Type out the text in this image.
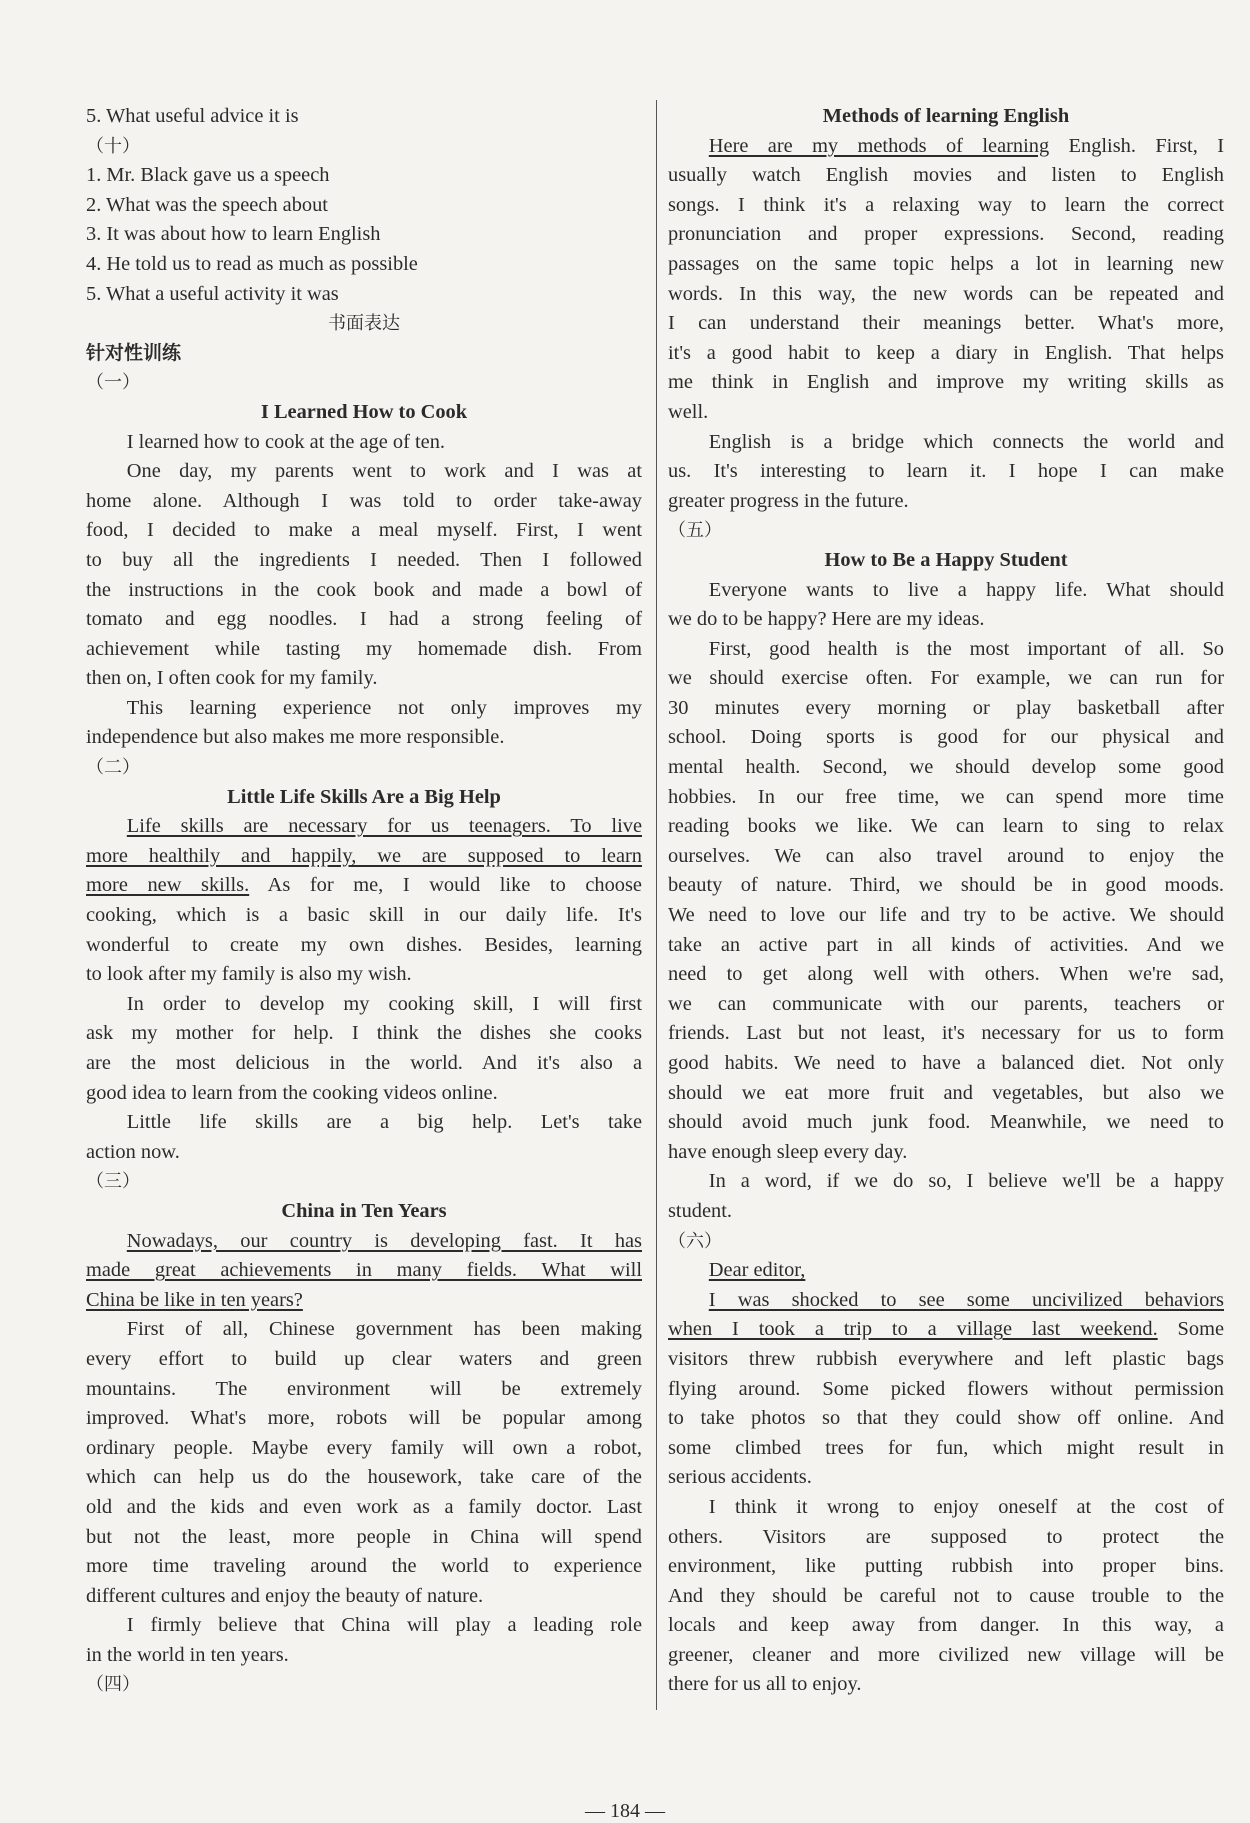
5. What useful advice it is
（十）
1. Mr. Black gave us a speech
2. What was the speech about
3. It was about how to learn English
4. He told us to read as much as possible
5. What a useful activity it was
书面表达
针对性训练
（一）
I Learned How to Cook
I learned how to cook at the age of ten.
One day, my parents went to work and I was at
home alone. Although I was told to order take-away
food, I decided to make a meal myself. First, I went
to buy all the ingredients I needed. Then I followed
the instructions in the cook book and made a bowl of
tomato and egg noodles. I had a strong feeling of
achievement while tasting my homemade dish. From
then on, I often cook for my family.
This learning experience not only improves my
independence but also makes me more responsible.
（二）
Little Life Skills Are a Big Help
Life skills are necessary for us teenagers. To live
more healthily and happily, we are supposed to learn
more new skills. As for me, I would like to choose
cooking, which is a basic skill in our daily life. It's
wonderful to create my own dishes. Besides, learning
to look after my family is also my wish.
In order to develop my cooking skill, I will first
ask my mother for help. I think the dishes she cooks
are the most delicious in the world. And it's also a
good idea to learn from the cooking videos online.
Little life skills are a big help. Let's take
action now.
（三）
China in Ten Years
Nowadays, our country is developing fast. It has
made great achievements in many fields. What will
China be like in ten years?
First of all, Chinese government has been making
every effort to build up clear waters and green
mountains. The environment will be extremely
improved. What's more, robots will be popular among
ordinary people. Maybe every family will own a robot,
which can help us do the housework, take care of the
old and the kids and even work as a family doctor. Last
but not the least, more people in China will spend
more time traveling around the world to experience
different cultures and enjoy the beauty of nature.
I firmly believe that China will play a leading role
in the world in ten years.
（四）
Methods of learning English
Here are my methods of learning English. First, I
usually watch English movies and listen to English
songs. I think it's a relaxing way to learn the correct
pronunciation and proper expressions. Second, reading
passages on the same topic helps a lot in learning new
words. In this way, the new words can be repeated and
I can understand their meanings better. What's more,
it's a good habit to keep a diary in English. That helps
me think in English and improve my writing skills as
well.
English is a bridge which connects the world and
us. It's interesting to learn it. I hope I can make
greater progress in the future.
（五）
How to Be a Happy Student
Everyone wants to live a happy life. What should
we do to be happy? Here are my ideas.
First, good health is the most important of all. So
we should exercise often. For example, we can run for
30 minutes every morning or play basketball after
school. Doing sports is good for our physical and
mental health. Second, we should develop some good
hobbies. In our free time, we can spend more time
reading books we like. We can learn to sing to relax
ourselves. We can also travel around to enjoy the
beauty of nature. Third, we should be in good moods.
We need to love our life and try to be active. We should
take an active part in all kinds of activities. And we
need to get along well with others. When we're sad,
we can communicate with our parents, teachers or
friends. Last but not least, it's necessary for us to form
good habits. We need to have a balanced diet. Not only
should we eat more fruit and vegetables, but also we
should avoid much junk food. Meanwhile, we need to
have enough sleep every day.
In a word, if we do so, I believe we'll be a happy
student.
（六）
Dear editor,
I was shocked to see some uncivilized behaviors
when I took a trip to a village last weekend. Some
visitors threw rubbish everywhere and left plastic bags
flying around. Some picked flowers without permission
to take photos so that they could show off online. And
some climbed trees for fun, which might result in
serious accidents.
I think it wrong to enjoy oneself at the cost of
others. Visitors are supposed to protect the
environment, like putting rubbish into proper bins.
And they should be careful not to cause trouble to the
locals and keep away from danger. In this way, a
greener, cleaner and more civilized new village will be
there for us all to enjoy.
— 184 —
